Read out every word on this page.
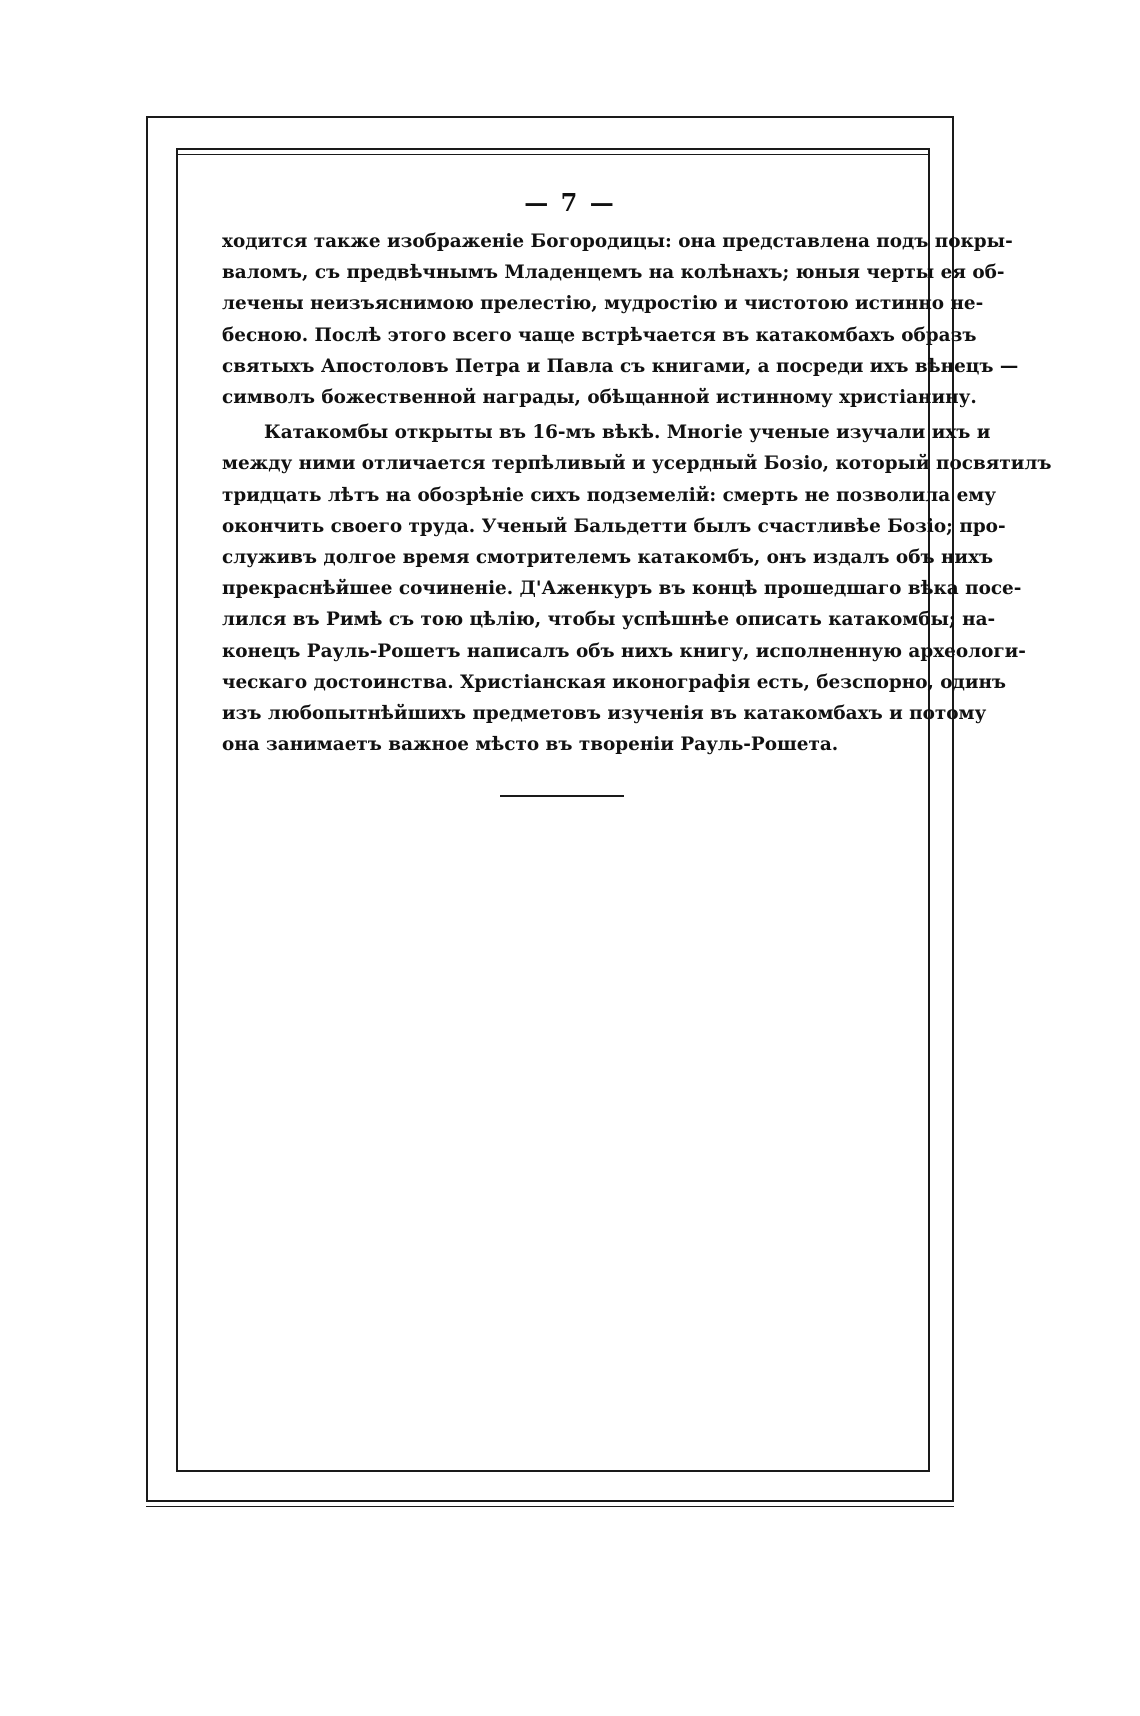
— 7 —
ходится также изображеніе Богородицы: она представлена подъ покры-
валомъ, съ предвѣчнымъ Младенцемъ на колѣнахъ; юныя черты ея об-
лечены неизъяснимою прелестію, мудростію и чистотою истинно не-
бесною. Послѣ этого всего чаще встрѣчается въ катакомбахъ образъ
святыхъ Апостоловъ Петра и Павла съ книгами, а посреди ихъ вѣнецъ —
символъ божественной награды, обѣщанной истинному христіанину.
Катакомбы открыты въ 16-мъ вѣкѣ. Многіе ученые изучали ихъ и
между ними отличается терпѣливый и усердный Бозіо, который посвятилъ
тридцать лѣтъ на обозрѣніе сихъ подземелій: смерть не позволила ему
окончить своего труда. Ученый Бальдетти былъ счастливѣе Бозіо; про-
служивъ долгое время смотрителемъ катакомбъ, онъ издалъ объ нихъ
прекраснѣйшее сочиненіе. Д'Аженкуръ въ концѣ прошедшаго вѣка посе-
лился въ Римѣ съ тою цѣлію, чтобы успѣшнѣе описать катакомбы; на-
конецъ Рауль-Рошетъ написалъ объ нихъ книгу, исполненную археологи-
ческаго достоинства. Христіанская иконографія есть, безспорно, одинъ
изъ любопытнѣйшихъ предметовъ изученія въ катакомбахъ и потому
она занимаетъ важное мѣсто въ твореніи Рауль-Рошета.
